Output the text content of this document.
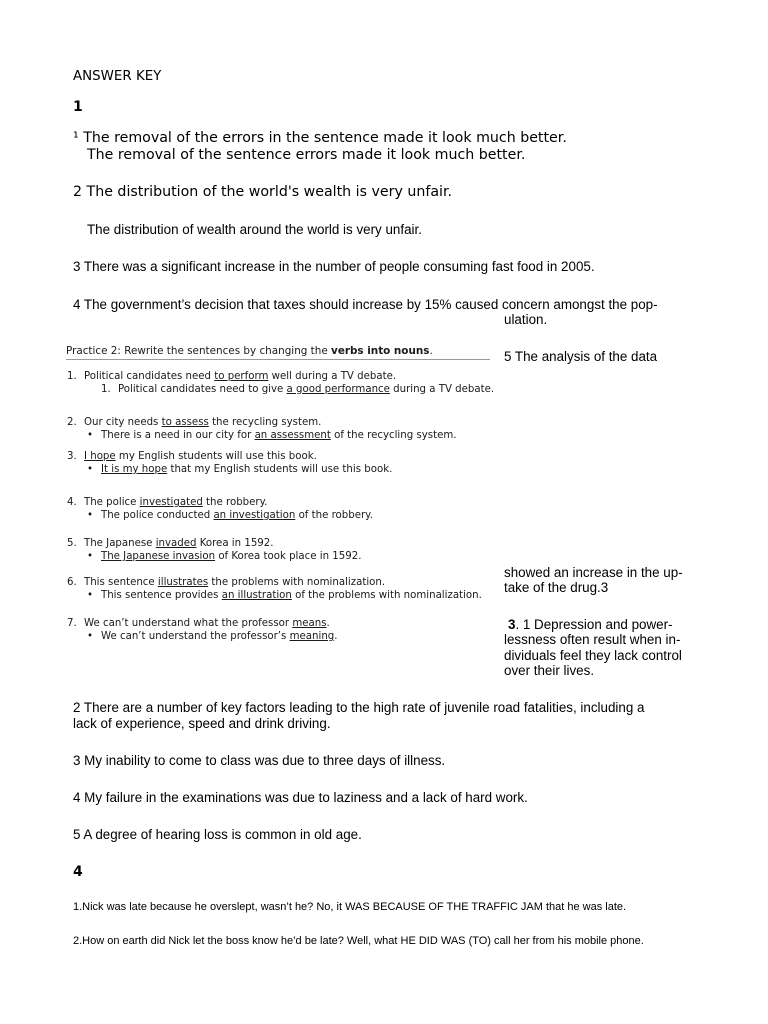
ANSWER KEY
1
¹ The removal of the errors in the sentence made it look much better.
The removal of the sentence errors made it look much better.
2 The distribution of the world's wealth is very unfair.
The distribution of wealth around the world is very unfair.
3 There was a significant increase in the number of people consuming fast food in 2005.
4 The government’s decision that taxes should increase by 15% caused concern amongst the pop-
ulation.
5 The analysis of the data
showed an increase in the up-
take of the drug.3
Practice 2: Rewrite the sentences by changing the verbs into nouns.
1. Political candidates need to perform well during a TV debate.
1. Political candidates need to give a good performance during a TV debate.
2. Our city needs to assess the recycling system.
• There is a need in our city for an assessment of the recycling system.
3. I hope my English students will use this book.
• It is my hope that my English students will use this book.
4. The police investigated the robbery.
• The police conducted an investigation of the robbery.
5. The Japanese invaded Korea in 1592.
• The Japanese invasion of Korea took place in 1592.
6. This sentence illustrates the problems with nominalization.
• This sentence provides an illustration of the problems with nominalization.
7. We can’t understand what the professor means.
• We can’t understand the professor’s meaning.
3. 1 Depression and power-
lessness often result when in-
dividuals feel they lack control
over their lives.
2 There are a number of key factors leading to the high rate of juvenile road fatalities, including a
lack of experience, speed and drink driving.
3 My inability to come to class was due to three days of illness.
4 My failure in the examinations was due to laziness and a lack of hard work.
5 A degree of hearing loss is common in old age.
4
1.Nick was late because he overslept, wasn’t he? No, it WAS BECAUSE OF THE TRAFFIC JAM that he was late.
2.How on earth did Nick let the boss know he’d be late? Well, what HE DID WAS (TO) call her from his mobile phone.
